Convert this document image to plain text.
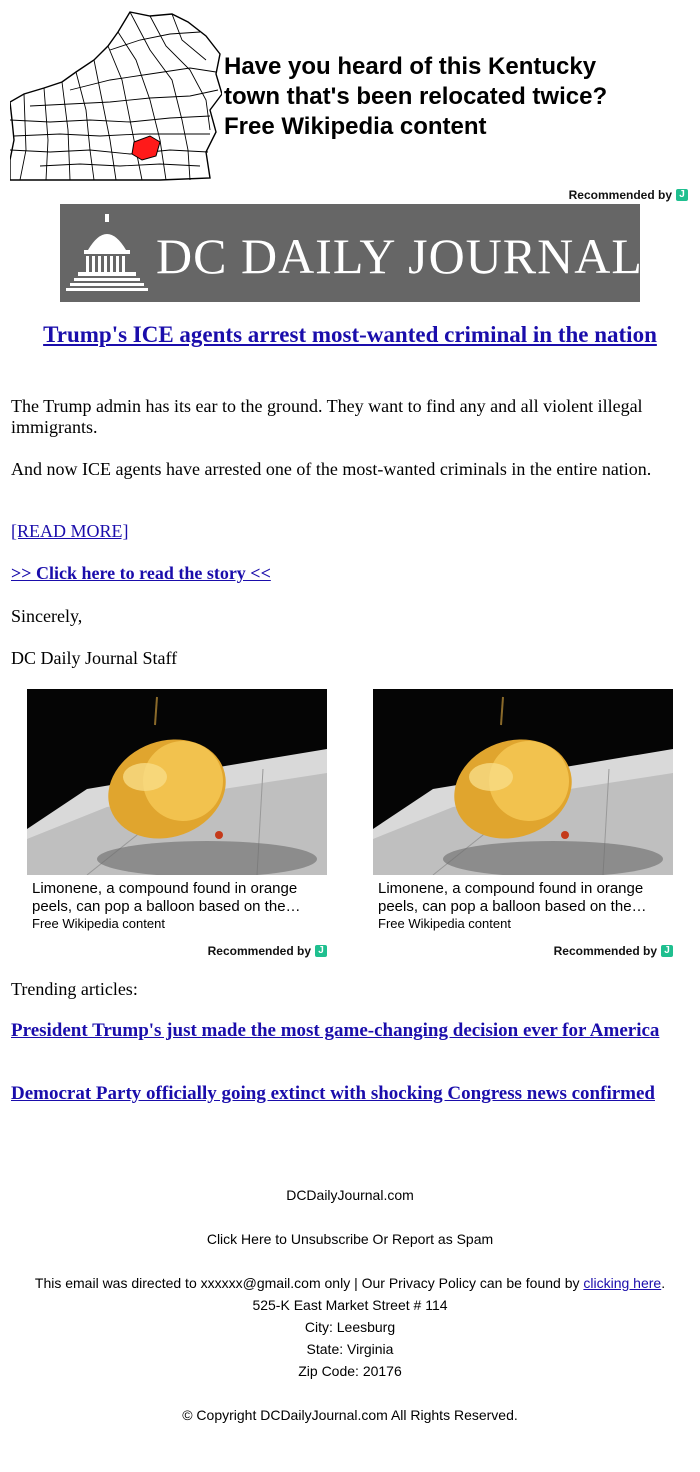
Have you heard of this Kentucky
town that's been relocated twice?
Free Wikipedia content
Recommended by J
DC DAILY JOURNAL
Trump's ICE agents arrest most-wanted criminal in the nation
The Trump admin has its ear to the ground. They want to find any and all violent illegal immigrants.
And now ICE agents have arrested one of the most-wanted criminals in the entire nation.
[READ MORE]
>> Click here to read the story <<
Sincerely,
DC Daily Journal Staff
Limonene, a compound found in orange peels, can pop a balloon based on the…
Free Wikipedia content
Recommended by J
Limonene, a compound found in orange peels, can pop a balloon based on the…
Free Wikipedia content
Recommended by J
Trending articles:
President Trump's just made the most game-changing decision ever for America
Democrat Party officially going extinct with shocking Congress news confirmed
DCDailyJournal.com
Click Here to Unsubscribe Or Report as Spam
This email was directed to xxxxxx@gmail.com only | Our Privacy Policy can be found by clicking here.
525-K East Market Street # 114
City: Leesburg
State: Virginia
Zip Code: 20176
© Copyright DCDailyJournal.com All Rights Reserved.
